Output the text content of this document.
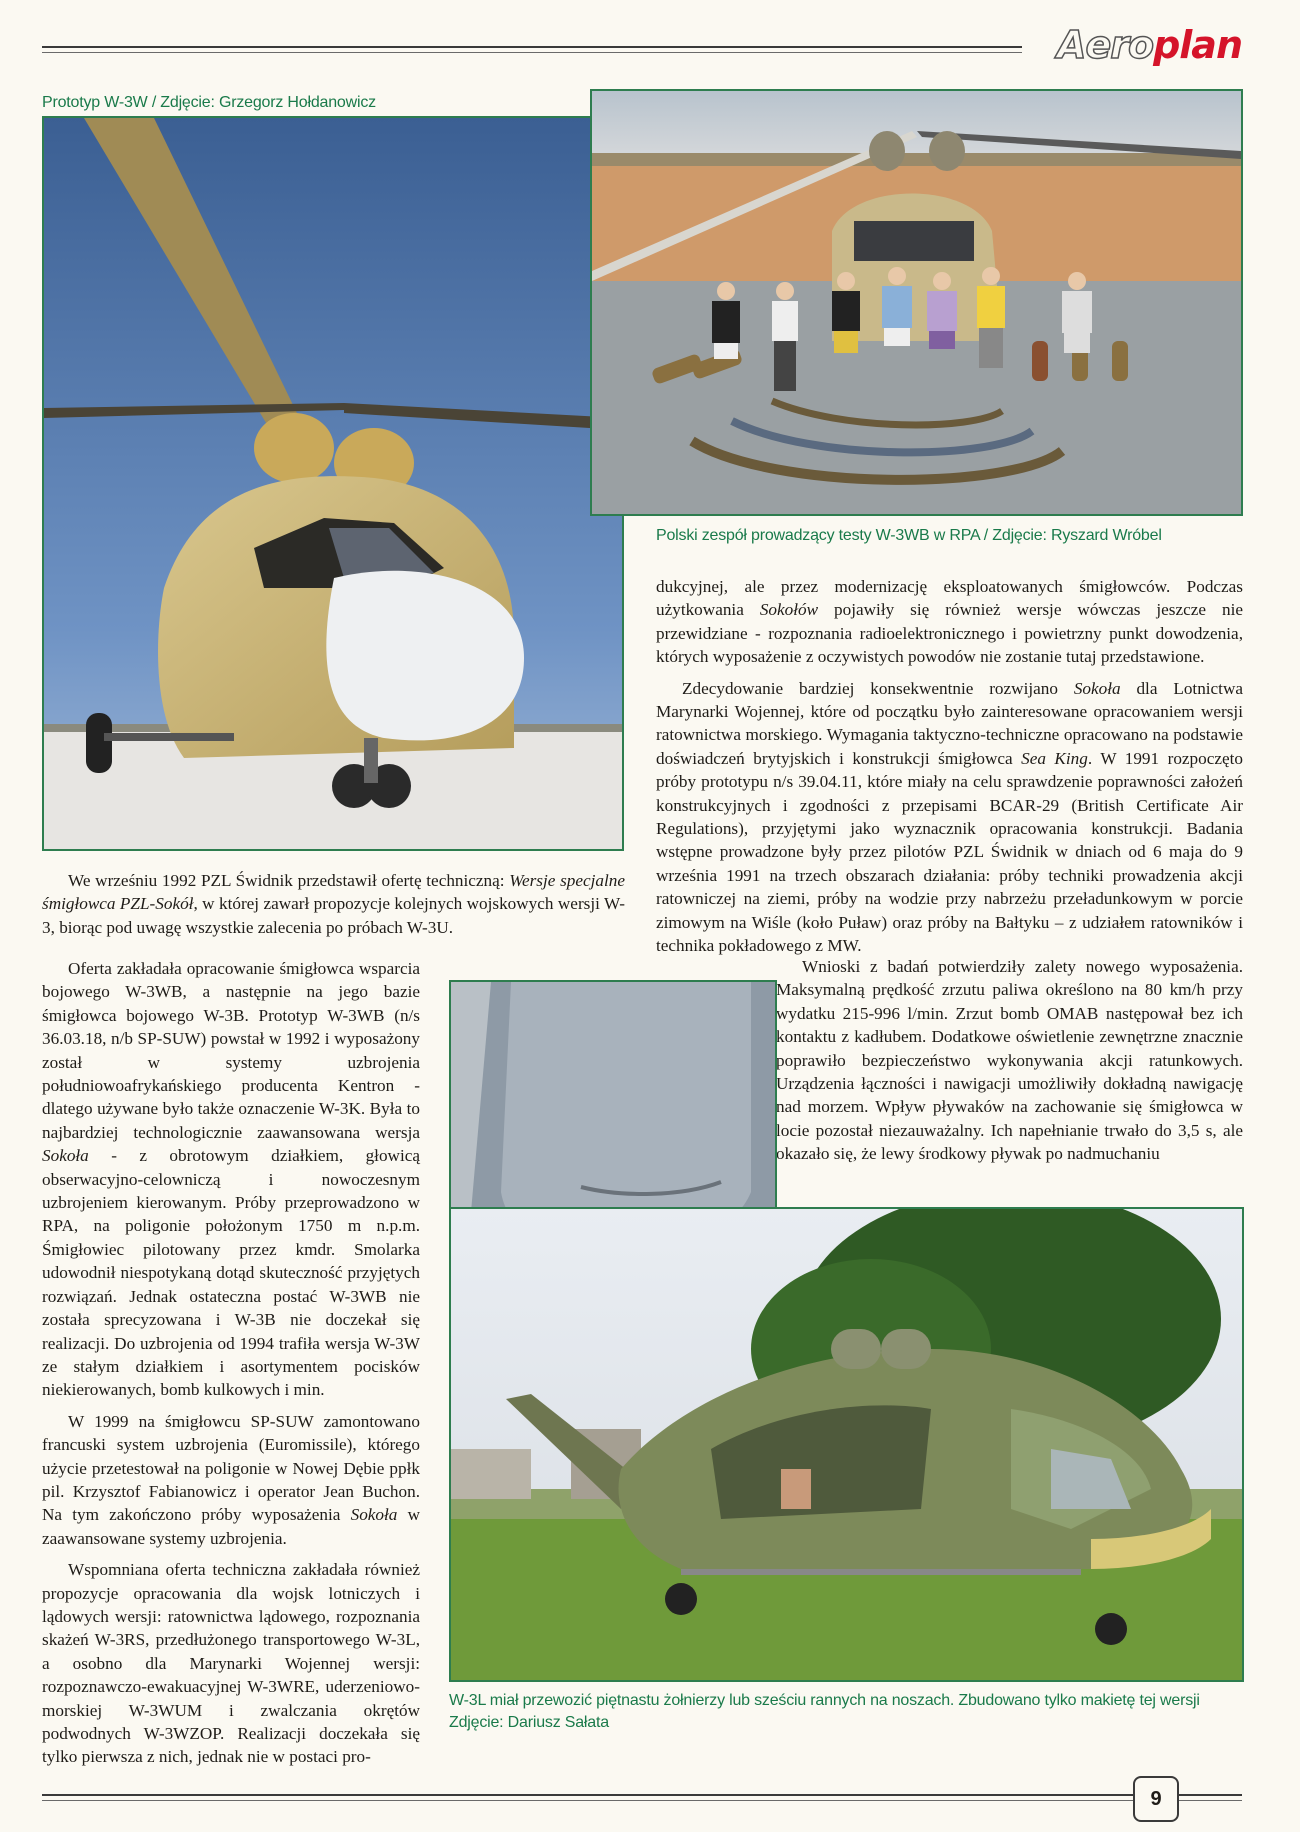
Aeroplan
Prototyp W-3W / Zdjęcie: Grzegorz Hołdanowicz
Polski zespół prowadzący testy W-3WB w RPA / Zdjęcie: Ryszard Wróbel

We wrześniu 1992 PZL Świdnik przedstawił ofertę techniczną: Wersje specjalne śmigłowca PZL-Sokół, w której zawarł propozycje kolejnych wojskowych wersji W-3, biorąc pod uwagę wszystkie zalecenia po próbach W-3U.

Oferta zakładała opracowanie śmigłowca wsparcia bojowego W-3WB, a następnie na jego bazie śmigłowca bojowego W-3B. Prototyp W-3WB (n/s 36.03.18, n/b SP-SUW) powstał w 1992 i wyposażony został w systemy uzbrojenia południowoafrykańskiego producenta Kentron - dlatego używane było także oznaczenie W-3K. Była to najbardziej technologicznie zaawansowana wersja Sokoła - z obrotowym działkiem, głowicą obserwacyjno-celowniczą i nowoczesnym uzbrojeniem kierowanym. Próby przeprowadzono w RPA, na poligonie położonym 1750 m n.p.m. Śmigłowiec pilotowany przez kmdr. Smolarka udowodnił niespotykaną dotąd skuteczność przyjętych rozwiązań. Jednak ostateczna postać W-3WB nie została sprecyzowana i W-3B nie doczekał się realizacji. Do uzbrojenia od 1994 trafiła wersja W-3W ze stałym działkiem i asortymentem pocisków niekierowanych, bomb kulkowych i min.

W 1999 na śmigłowcu SP-SUW zamontowano francuski system uzbrojenia (Euromissile), którego użycie przetestował na poligonie w Nowej Dębie ppłk pil. Krzysztof Fabianowicz i operator Jean Buchon. Na tym zakończono próby wyposażenia Sokoła w zaawansowane systemy uzbrojenia.

Wspomniana oferta techniczna zakładała również propozycje opracowania dla wojsk lotniczych i lądowych wersji: ratownictwa lądowego, rozpoznania skażeń W-3RS, przedłużonego transportowego W-3L, a osobno dla Marynarki Wojennej wersji: rozpoznawczo-ewakuacyjnej W-3WRE, uderzeniowo-morskiej W-3WUM i zwalczania okrętów podwodnych W-3WZOP. Realizacji doczekała się tylko pierwsza z nich, jednak nie w postaci pro-

dukcyjnej, ale przez modernizację eksploatowanych śmigłowców. Podczas użytkowania Sokołów pojawiły się również wersje wówczas jeszcze nie przewidziane - rozpoznania radioelektronicznego i powietrzny punkt dowodzenia, których wyposażenie z oczywistych powodów nie zostanie tutaj przedstawione.

Zdecydowanie bardziej konsekwentnie rozwijano Sokoła dla Lotnictwa Marynarki Wojennej, które od początku było zainteresowane opracowaniem wersji ratownictwa morskiego. Wymagania taktyczno-techniczne opracowano na podstawie doświadczeń brytyjskich i konstrukcji śmigłowca Sea King. W 1991 rozpoczęto próby prototypu n/s 39.04.11, które miały na celu sprawdzenie poprawności założeń konstrukcyjnych i zgodności z przepisami BCAR-29 (British Certificate Air Regulations), przyjętymi jako wyznacznik opracowania konstrukcji. Badania wstępne prowadzone były przez pilotów PZL Świdnik w dniach od 6 maja do 9 września 1991 na trzech obszarach działania: próby techniki prowadzenia akcji ratowniczej na ziemi, próby na wodzie przy nabrzeżu przeładunkowym w porcie zimowym na Wiśle (koło Puław) oraz próby na Bałtyku – z udziałem ratowników i technika pokładowego z MW.

Wnioski z badań potwierdziły zalety nowego wyposażenia. Maksymalną prędkość zrzutu paliwa określono na 80 km/h przy wydatku 215-996 l/min. Zrzut bomb OMAB następował bez ich kontaktu z kadłubem. Dodatkowe oświetlenie zewnętrzne znacznie poprawiło bezpieczeństwo wykonywania akcji ratunkowych. Urządzenia łączności i nawigacji umożliwiły dokładną nawigację nad morzem. Wpływ pływaków na zachowanie się śmigłowca w locie pozostał niezauważalny. Ich napełnianie trwało do 3,5 s, ale okazało się, że lewy środkowy pływak po nadmuchaniu

W-3L miał przewozić piętnastu żołnierzy lub sześciu rannych na noszach. Zbudowano tylko makietę tej wersji
Zdjęcie: Dariusz Sałata
9
